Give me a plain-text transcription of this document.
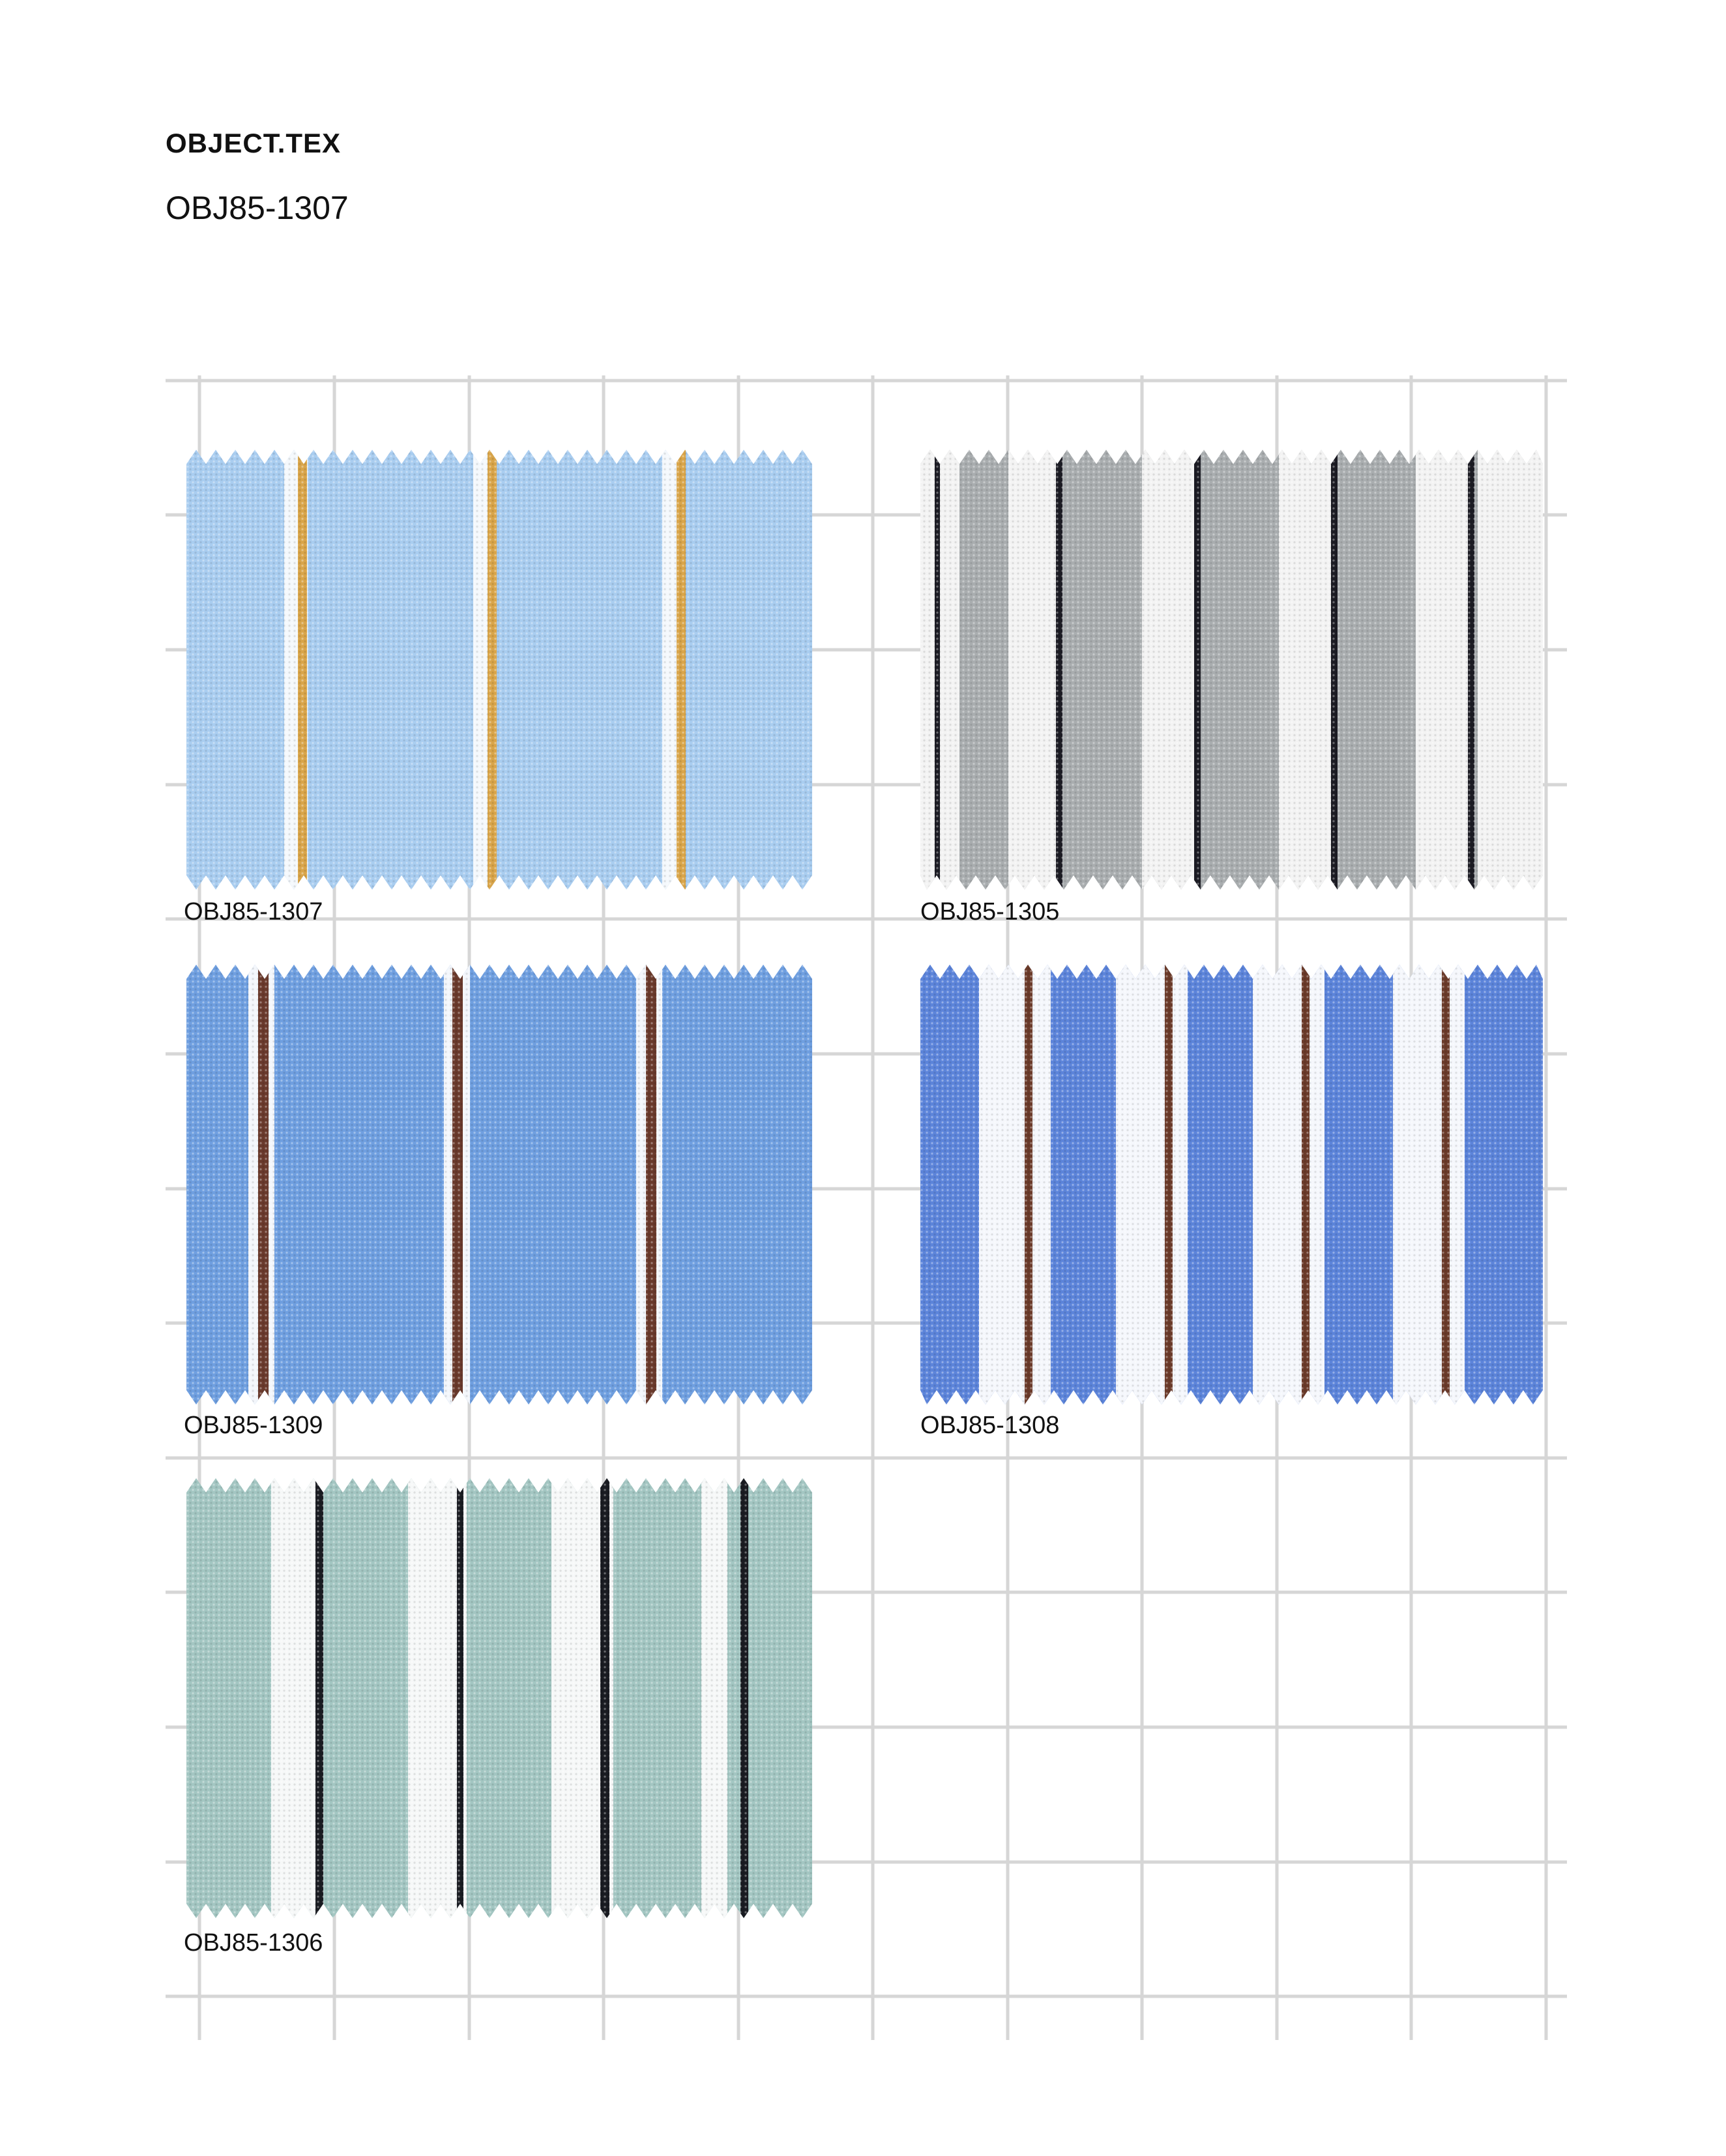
OBJECT.TEX
OBJ85-1307
OBJ85-1307	OBJ85-1305
OBJ85-1309	OBJ85-1308
OBJ85-1306
